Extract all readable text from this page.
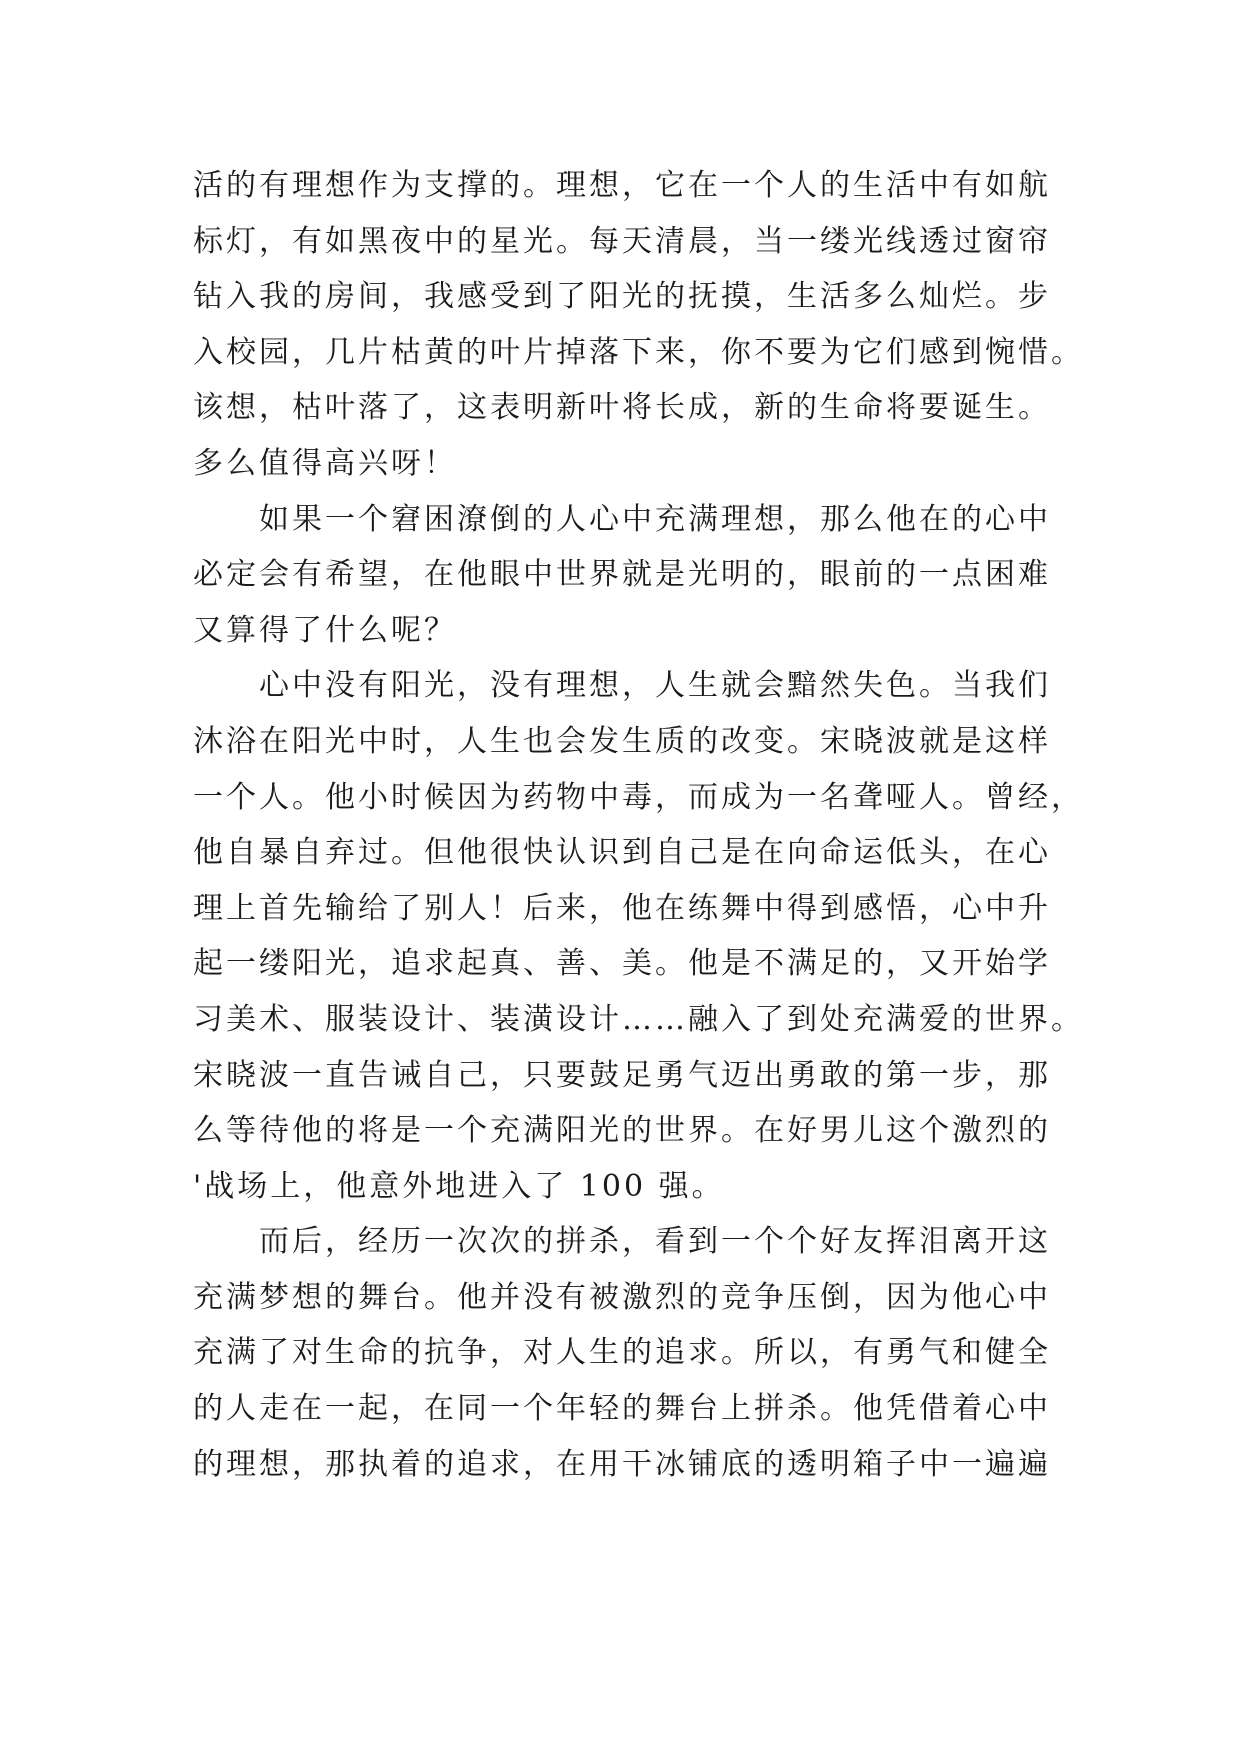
活的有理想作为支撑的。理想，它在一个人的生活中有如航
标灯，有如黑夜中的星光。每天清晨，当一缕光线透过窗帘
钻入我的房间，我感受到了阳光的抚摸，生活多么灿烂。步
入校园，几片枯黄的叶片掉落下来，你不要为它们感到惋惜。
该想，枯叶落了，这表明新叶将长成，新的生命将要诞生。
多么值得高兴呀！
如果一个窘困潦倒的人心中充满理想，那么他在的心中
必定会有希望，在他眼中世界就是光明的，眼前的一点困难
又算得了什么呢？
心中没有阳光，没有理想，人生就会黯然失色。当我们
沐浴在阳光中时，人生也会发生质的改变。宋晓波就是这样
一个人。他小时候因为药物中毒，而成为一名聋哑人。曾经，
他自暴自弃过。但他很快认识到自己是在向命运低头，在心
理上首先输给了别人！后来，他在练舞中得到感悟，心中升
起一缕阳光，追求起真、善、美。他是不满足的，又开始学
习美术、服装设计、装潢设计……融入了到处充满爱的世界。
宋晓波一直告诫自己，只要鼓足勇气迈出勇敢的第一步，那
么等待他的将是一个充满阳光的世界。在好男儿这个激烈的
'战场上，他意外地进入了 100 强。
而后，经历一次次的拼杀，看到一个个好友挥泪离开这
充满梦想的舞台。他并没有被激烈的竞争压倒，因为他心中
充满了对生命的抗争，对人生的追求。所以，有勇气和健全
的人走在一起，在同一个年轻的舞台上拼杀。他凭借着心中
的理想，那执着的追求，在用干冰铺底的透明箱子中一遍遍
